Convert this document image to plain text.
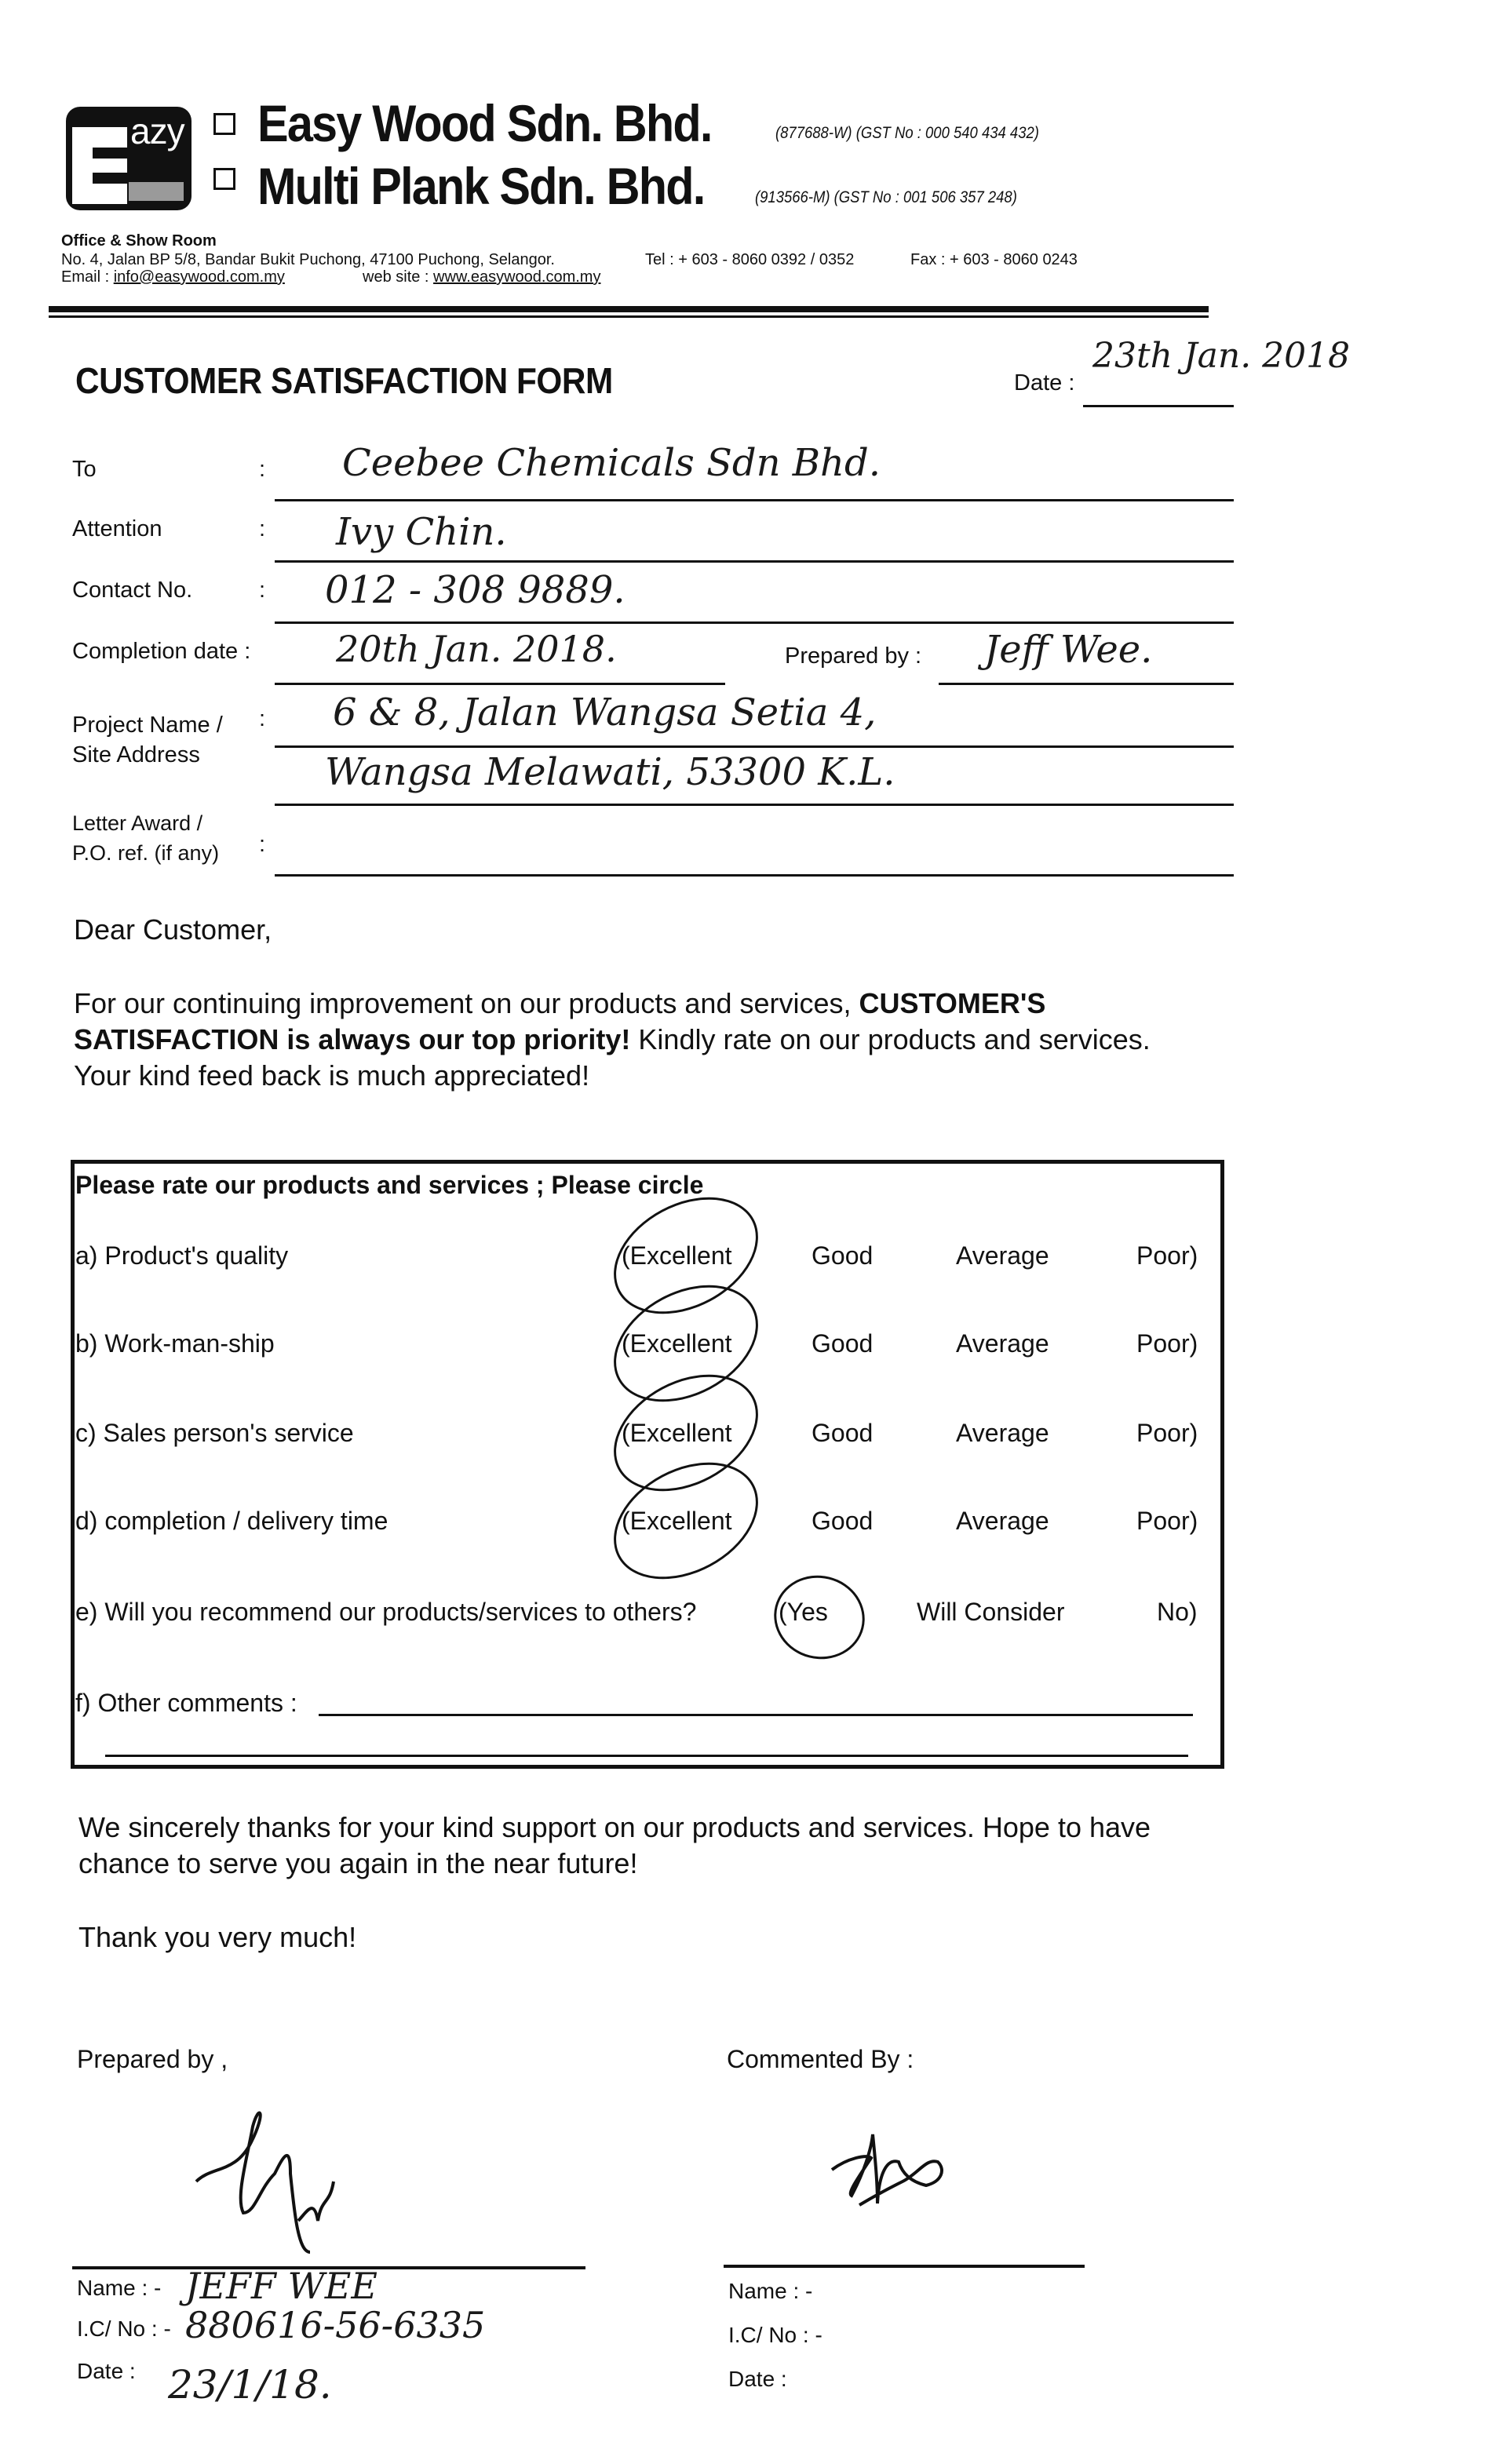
azy Easy Wood Sdn. Bhd.	(877688-W) (GST No : 000 540 434 432)
Multi Plank Sdn. Bhd.	(913566-M) (GST No : 001 506 357 248)
Office & Show Room
No. 4, Jalan BP 5/8, Bandar Bukit Puchong, 47100 Puchong, Selangor.	Tel : + 603 - 8060 0392 / 0352	Fax : + 603 - 8060 0243
Email : info@easywood.com.my	web site : www.easywood.com.my
CUSTOMER SATISFACTION FORM	Date :
23th Jan. 2018
To	: Ceebee Chemicals Sdn Bhd.
Attention	: Ivy Chin.
Contact No.	: 012 - 308 9889.
Completion date : 20th Jan. 2018.	Prepared by : Jeff Wee.
Project Name /
Site Address
: 6 & 8, Jalan Wangsa Setia 4,
Wangsa Melawati, 53300 K.L.
Letter Award /
P.O. ref. (if any) :
Dear Customer,
For our continuing improvement on our products and services, CUSTOMER'S SATISFACTION is always our top priority! Kindly rate on our products and services. Your kind feed back is much appreciated!
Please rate our products and services ; Please circle
a) Product's quality	(Excellent	Good	Average	Poor)
b) Work-man-ship	(Excellent	Good	Average	Poor)
c) Sales person's service	(Excellent	Good	Average	Poor)
d) completion / delivery time	(Excellent	Good	Average	Poor)
e) Will you recommend our products/services to others?	(Yes	Will Consider	No)
f) Other comments :
We sincerely thanks for your kind support on our products and services. Hope to have chance to serve you again in the near future!
Thank you very much!
Prepared by ,
Name : - JEFF WEE
I.C/ No : - 880616-56-6335
Date : 23/1/18.
Commented By :
Name : -
I.C/ No : -
Date :
